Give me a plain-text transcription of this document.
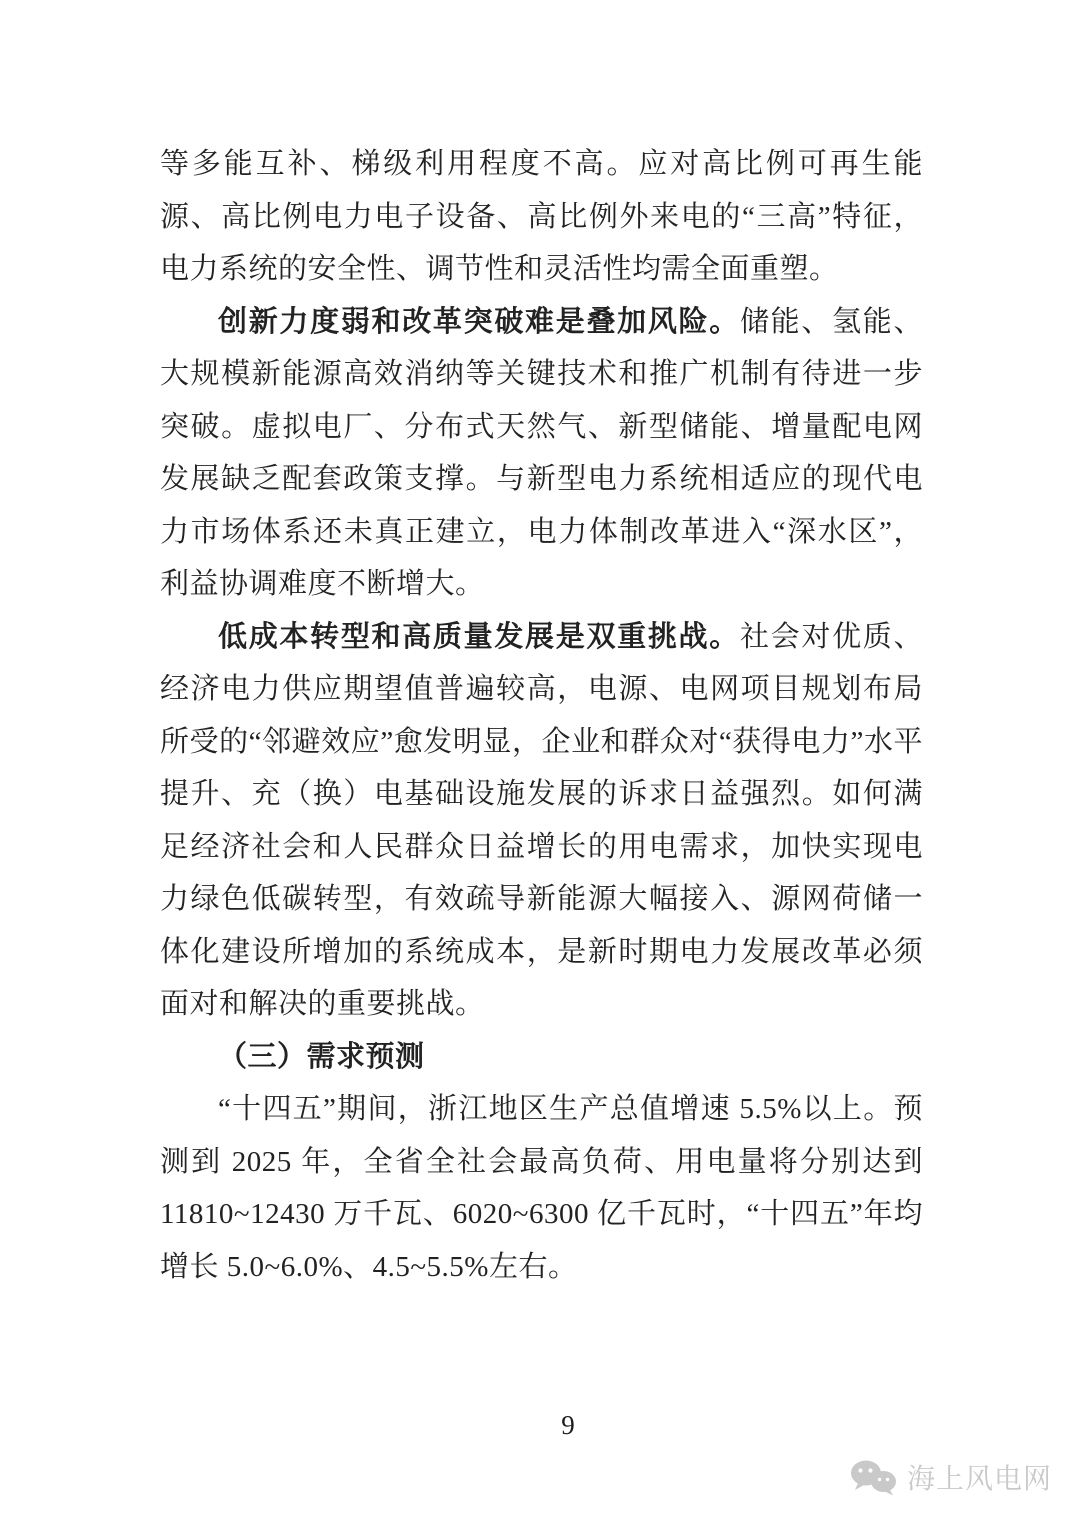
等多能互补、梯级利用程度不高。应对高比例可再生能源、高比例电力电子设备、高比例外来电的“三高”特征，电力系统的安全性、调节性和灵活性均需全面重塑。

创新力度弱和改革突破难是叠加风险。储能、氢能、大规模新能源高效消纳等关键技术和推广机制有待进一步突破。虚拟电厂、分布式天然气、新型储能、增量配电网发展缺乏配套政策支撑。与新型电力系统相适应的现代电力市场体系还未真正建立，电力体制改革进入“深水区”，利益协调难度不断增大。

低成本转型和高质量发展是双重挑战。社会对优质、经济电力供应期望值普遍较高，电源、电网项目规划布局所受的“邻避效应”愈发明显，企业和群众对“获得电力”水平提升、充（换）电基础设施发展的诉求日益强烈。如何满足经济社会和人民群众日益增长的用电需求，加快实现电力绿色低碳转型，有效疏导新能源大幅接入、源网荷储一体化建设所增加的系统成本，是新时期电力发展改革必须面对和解决的重要挑战。

（三）需求预测

“十四五”期间，浙江地区生产总值增速 5.5%以上。预测到 2025 年，全省全社会最高负荷、用电量将分别达到 11810~12430 万千瓦、6020~6300 亿千瓦时，“十四五”年均增长 5.0~6.0%、4.5~5.5%左右。

9
海上风电网
